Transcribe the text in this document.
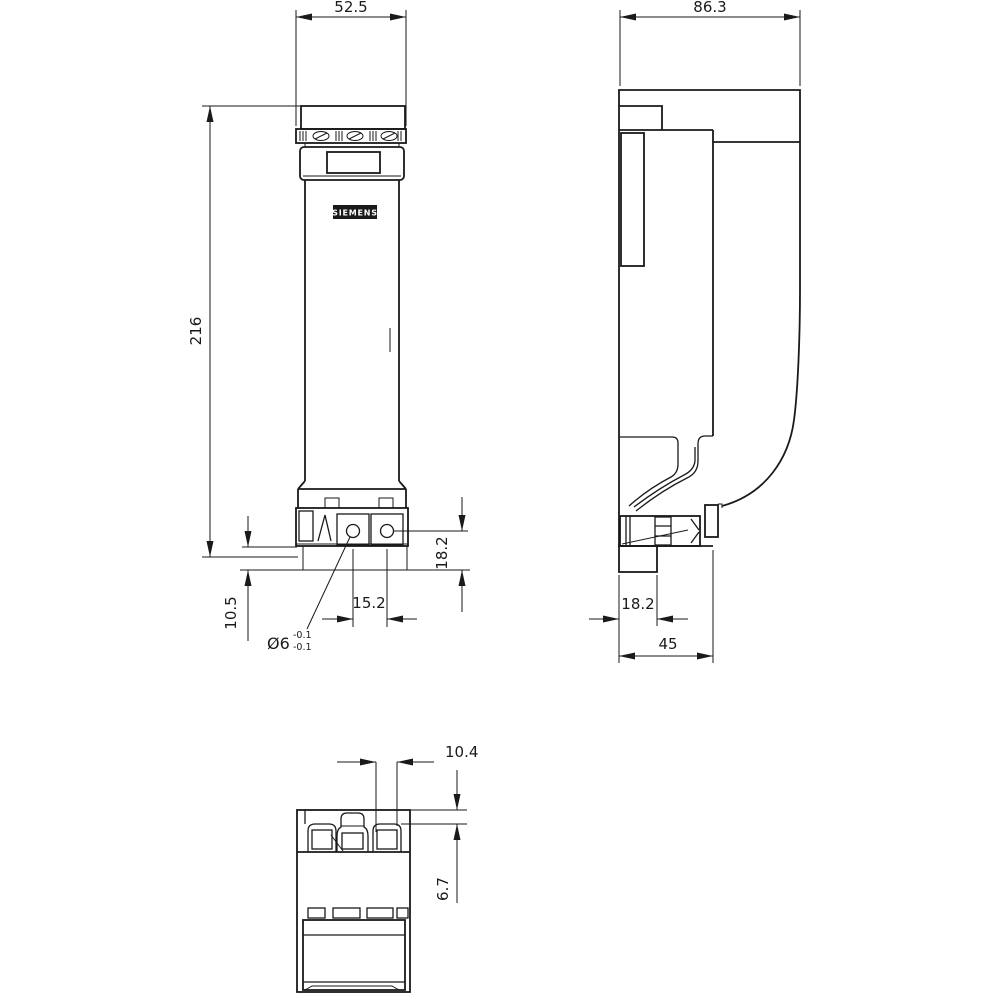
SIEMENS
52.5
216
10.5	15.2
18.2
Ø6 -0.1
-0.1
86.3
18.2
45
10.4
6.7
